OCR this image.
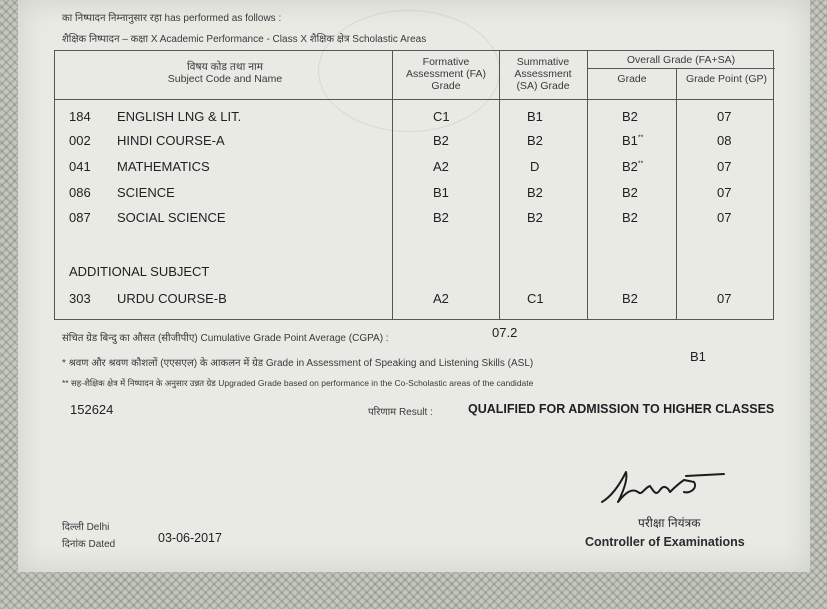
का निष्पादन निम्नानुसार रहा has performed as follows :
शैक्षिक निष्पादन – कक्षा X Academic Performance - Class X शैक्षिक क्षेत्र Scholastic Areas
विषय कोड तथा नाम
Subject Code and Name
Formative Assessment (FA) Grade
Summative Assessment (SA) Grade
Overall Grade (FA+SA)
Grade	Grade Point (GP)
184 ENGLISH LNG & LIT.	C1	B1	B2	07
002 HINDI COURSE-A	B2	B2	B1**	08
041 MATHEMATICS	A2	D	B2**	07
086 SCIENCE	B1	B2	B2	07
087 SOCIAL SCIENCE	B2	B2	B2	07
ADDITIONAL SUBJECT
303 URDU COURSE-B	A2	C1	B2	07
संचित ग्रेड बिन्दु का औसत (सीजीपीए) Cumulative Grade Point Average (CGPA) :	07.2
* श्रवण और श्रवण कौशलों (एएसएल) के आकलन में ग्रेड Grade in Assessment of Speaking and Listening Skills (ASL)	B1
** सह-शैक्षिक क्षेत्र में निष्पादन के अनुसार उन्नत ग्रेड Upgraded Grade based on performance in the Co-Scholastic areas of the candidate
152624	परिणाम Result :	QUALIFIED FOR ADMISSION TO HIGHER CLASSES
परीक्षा नियंत्रक
Controller of Examinations
दिल्ली Delhi
दिनांक Dated	03-06-2017
